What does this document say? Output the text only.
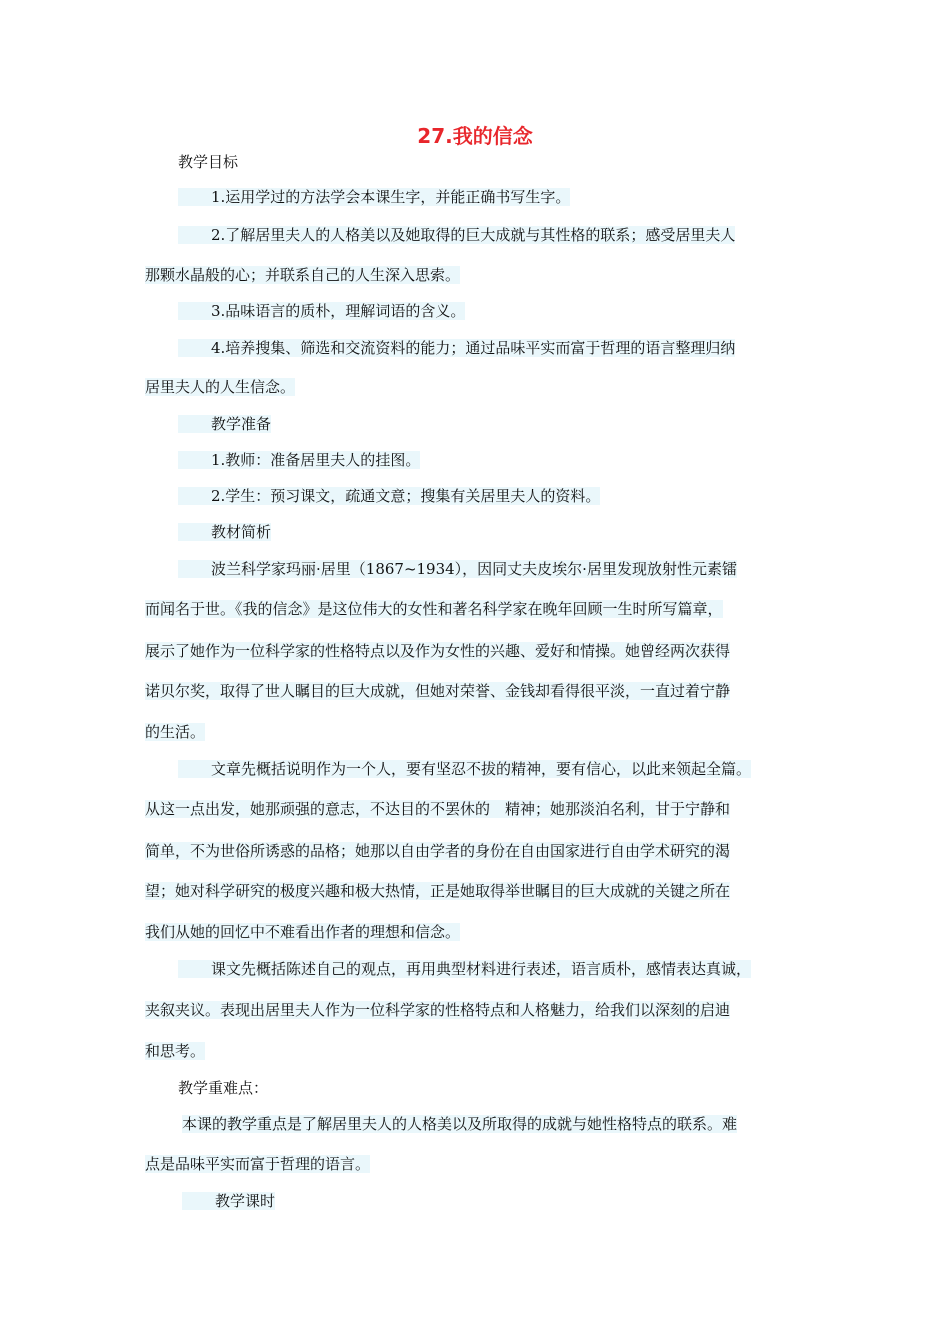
27.我的信念
教学目标
1.运用学过的方法学会本课生字，并能正确书写生字。
2.了解居里夫人的人格美以及她取得的巨大成就与其性格的联系；感受居里夫人
那颗水晶般的心；并联系自己的人生深入思索。
3.品味语言的质朴，理解词语的含义。
4.培养搜集、筛选和交流资料的能力；通过品味平实而富于哲理的语言整理归纳
居里夫人的人生信念。
教学准备
1.教师：准备居里夫人的挂图。
2.学生：预习课文，疏通文意；搜集有关居里夫人的资料。
教材简析
波兰科学家玛丽·居里（1867~1934），因同丈夫皮埃尔·居里发现放射性元素镭
而闻名于世。《我的信念》是这位伟大的女性和著名科学家在晚年回顾一生时所写篇章，
展示了她作为一位科学家的性格特点以及作为女性的兴趣、爱好和情操。她曾经两次获得
诺贝尔奖，取得了世人瞩目的巨大成就，但她对荣誉、金钱却看得很平淡，一直过着宁静
的生活。
文章先概括说明作为一个人，要有坚忍不拔的精神，要有信心，以此来领起全篇。
从这一点出发，她那顽强的意志，不达目的不罢休的　精神；她那淡泊名利，甘于宁静和
简单，不为世俗所诱惑的品格；她那以自由学者的身份在自由国家进行自由学术研究的渴
望；她对科学研究的极度兴趣和极大热情，正是她取得举世瞩目的巨大成就的关键之所在
我们从她的回忆中不难看出作者的理想和信念。
课文先概括陈述自己的观点，再用典型材料进行表述，语言质朴，感情表达真诚，
夹叙夹议。表现出居里夫人作为一位科学家的性格特点和人格魅力，给我们以深刻的启迪
和思考。
教学重难点：
本课的教学重点是了解居里夫人的人格美以及所取得的成就与她性格特点的联系。难
点是品味平实而富于哲理的语言。
教学课时
